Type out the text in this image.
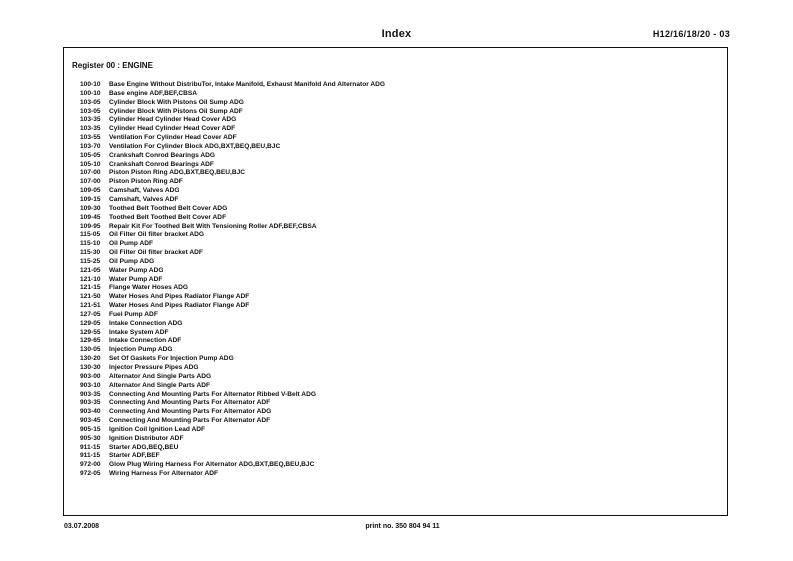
Index	H12/16/18/20 - 03
Register 00 : ENGINE
100-10 Base Engine Without DistribuTor, Intake Manifold, Exhaust Manifold And Alternator ADG
100-10 Base engine ADF,BEF,CBSA
103-05 Cylinder Block With Pistons Oil Sump ADG
103-05 Cylinder Block With Pistons Oil Sump ADF
103-35 Cylinder Head Cylinder Head Cover ADG
103-35 Cylinder Head Cylinder Head Cover ADF
103-55 Ventilation For Cylinder Head Cover ADF
103-70 Ventilation For Cylinder Block ADG,BXT,BEQ,BEU,BJC
105-05 Crankshaft Conrod Bearings ADG
105-10 Crankshaft Conrod Bearings ADF
107-00 Piston Piston Ring ADG,BXT,BEQ,BEU,BJC
107-00 Piston Piston Ring ADF
109-05 Camshaft, Valves ADG
109-15 Camshaft, Valves ADF
109-30 Toothed Belt Toothed Belt Cover ADG
109-45 Toothed Belt Toothed Belt Cover ADF
109-95 Repair Kit For Toothed Belt With Tensioning Roller ADF,BEF,CBSA
115-05 Oil Filter Oil filter bracket ADG
115-10 Oil Pump ADF
115-30 Oil Filter Oil filter bracket ADF
115-25 Oil Pump ADG
121-05 Water Pump ADG
121-10 Water Pump ADF
121-15 Flange Water Hoses ADG
121-50 Water Hoses And Pipes Radiator Flange ADF
121-51 Water Hoses And Pipes Radiator Flange ADF
127-05 Fuel Pump ADF
129-05 Intake Connection ADG
129-55 Intake System ADF
129-65 Intake Connection ADF
130-05 Injection Pump ADG
130-20 Set Of Gaskets For Injection Pump ADG
130-30 Injector Pressure Pipes ADG
903-00 Alternator And Single Parts ADG
903-10 Alternator And Single Parts ADF
903-35 Connecting And Mounting Parts For Alternator Ribbed V-Belt ADG
903-35 Connecting And Mounting Parts For Alternator ADF
903-40 Connecting And Mounting Parts For Alternator ADG
903-45 Connecting And Mounting Parts For Alternator ADF
905-15 Ignition Coil Ignition Lead ADF
905-30 Ignition Distributor ADF
911-15 Starter ADG,BEQ,BEU
911-15 Starter ADF,BEF
972-00 Glow Plug Wiring Harness For Alternator ADG,BXT,BEQ,BEU,BJC
972-05 Wiring Harness For Alternator ADF
03.07.2008	print no. 350 804 94 11
